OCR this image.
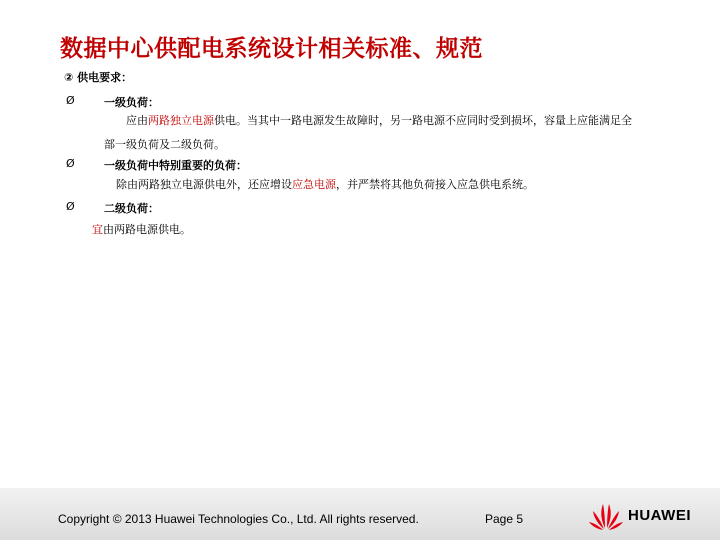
数据中心供配电系统设计相关标准、规范
② 供电要求：
Ø	一级负荷：
应由两路独立电源供电。当其中一路电源发生故障时，另一路电源不应同时受到损坏，容量上应能满足全
部一级负荷及二级负荷。
Ø	一级负荷中特别重要的负荷：
除由两路独立电源供电外，还应增设应急电源，并严禁将其他负荷接入应急供电系统。
Ø	二级负荷：
宜由两路电源供电。
Copyright © 2013 Huawei Technologies Co., Ltd. All rights reserved.	Page 5	HUAWEI
